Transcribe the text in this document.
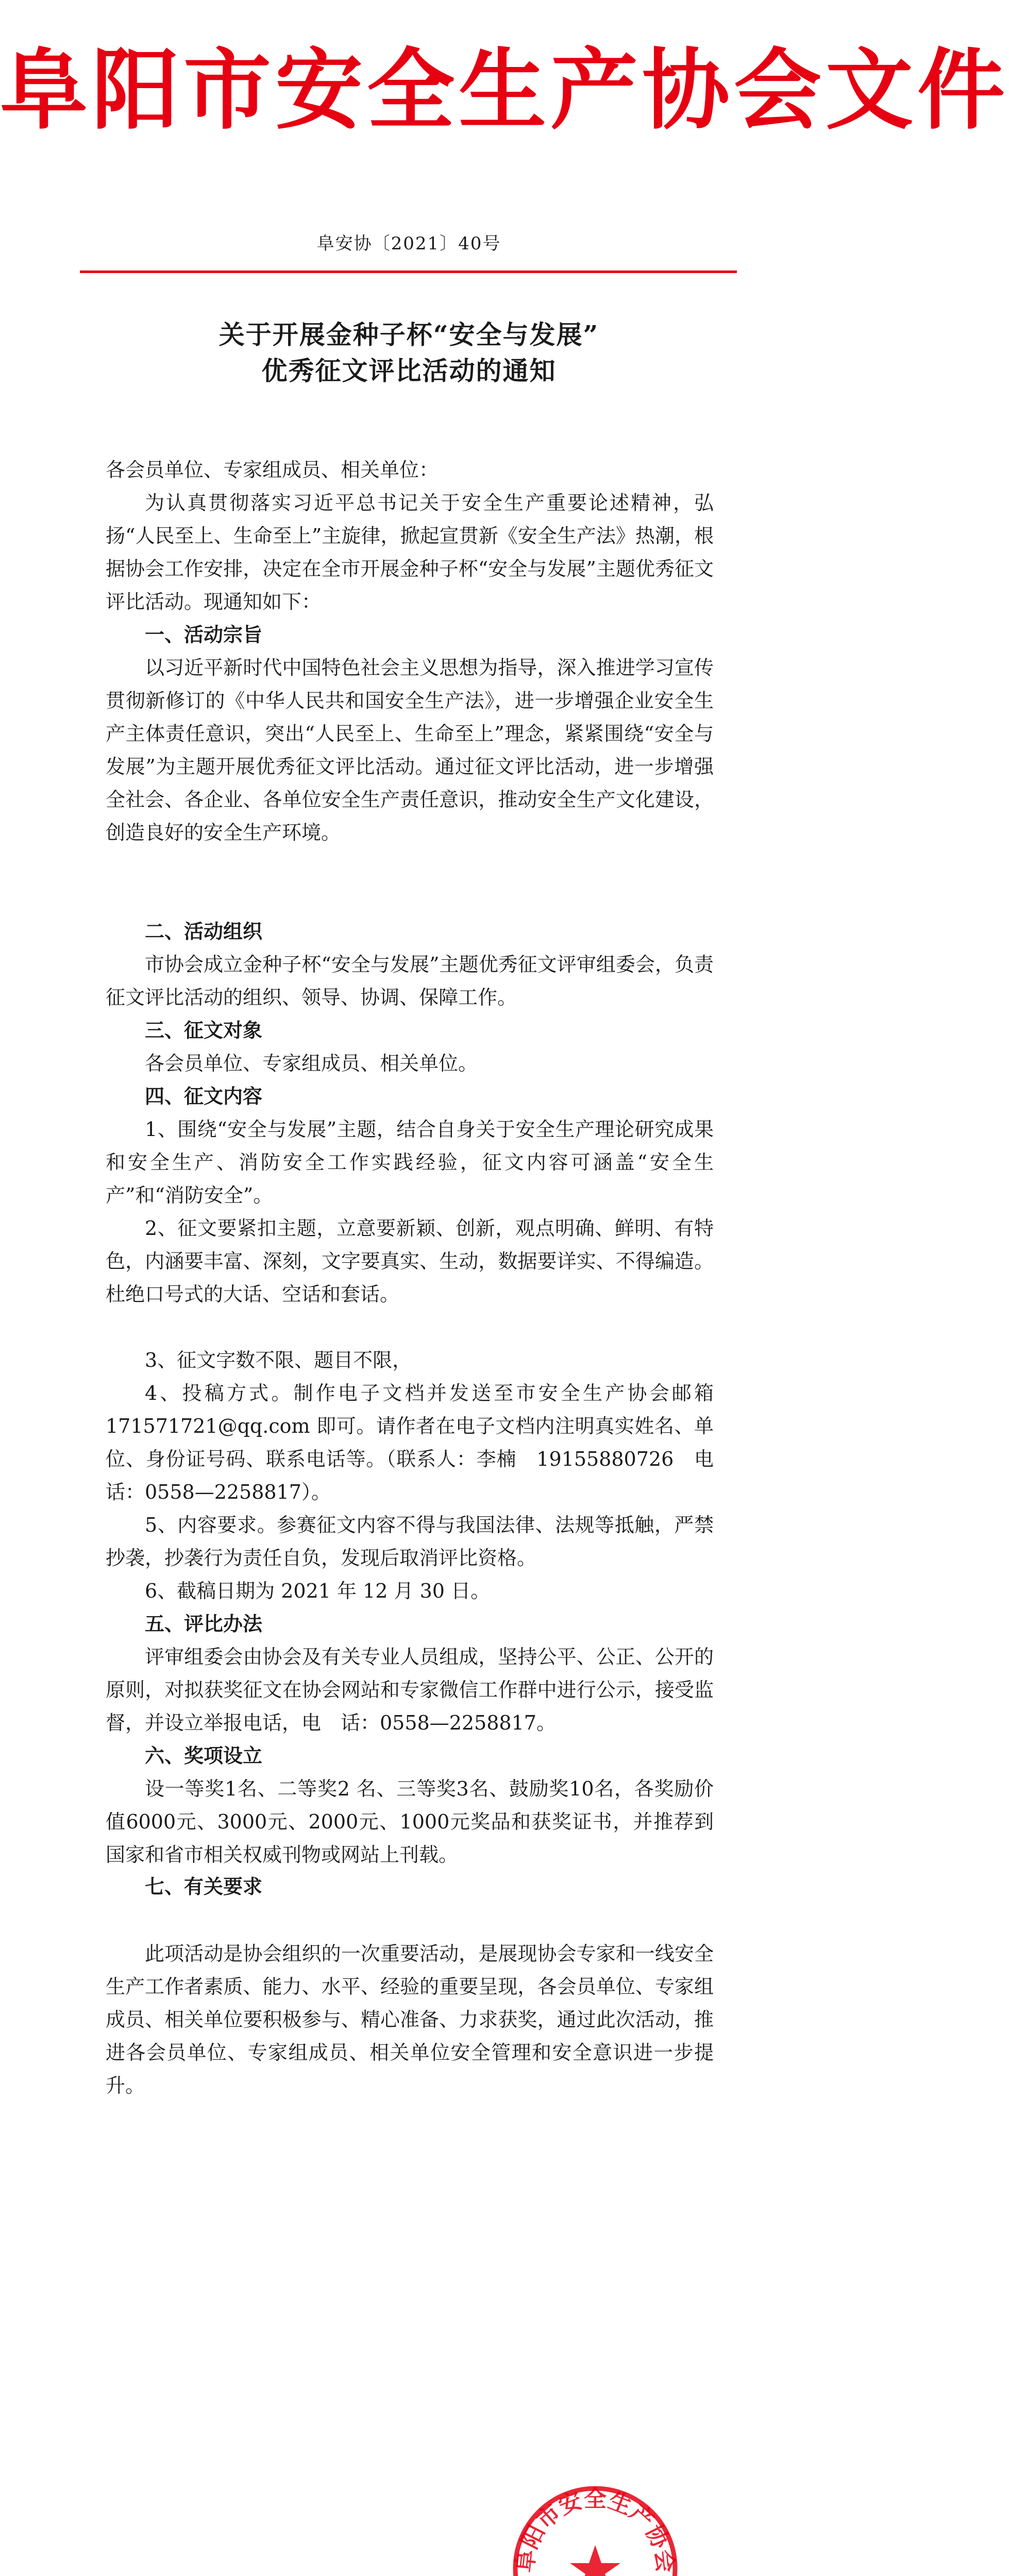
阜阳市安全生产协会文件
阜安协〔2021〕40号
关于开展金种子杯“安全与发展”
优秀征文评比活动的通知
各会员单位、专家组成员、相关单位：
为认真贯彻落实习近平总书记关于安全生产重要论述精神，弘扬“人民至上、生命至上”主旋律，掀起宣贯新《安全生产法》热潮，根据协会工作安排，决定在全市开展金种子杯“安全与发展”主题优秀征文评比活动。现通知如下：
一、活动宗旨
以习近平新时代中国特色社会主义思想为指导，深入推进学习宣传贯彻新修订的《中华人民共和国安全生产法》，进一步增强企业安全生产主体责任意识，突出“人民至上、生命至上”理念，紧紧围绕“安全与发展”为主题开展优秀征文评比活动。通过征文评比活动，进一步增强全社会、各企业、各单位安全生产责任意识，推动安全生产文化建设，创造良好的安全生产环境。
二、活动组织
市协会成立金种子杯“安全与发展”主题优秀征文评审组委会，负责征文评比活动的组织、领导、协调、保障工作。
三、征文对象
各会员单位、专家组成员、相关单位。
四、征文内容
1、围绕“安全与发展”主题，结合自身关于安全生产理论研究成果和安全生产、消防安全工作实践经验，征文内容可涵盖“安全生产”和“消防安全”。
2、征文要紧扣主题，立意要新颖、创新，观点明确、鲜明、有特色，内涵要丰富、深刻，文字要真实、生动，数据要详实、不得编造。杜绝口号式的大话、空话和套话。
3、征文字数不限、题目不限，
4、投稿方式。制作电子文档并发送至市安全生产协会邮箱171571721@qq.com 即可。请作者在电子文档内注明真实姓名、单位、身份证号码、联系电话等。（联系人：李楠　19155880726　电　话：0558—2258817）。
5、内容要求。参赛征文内容不得与我国法律、法规等抵触，严禁抄袭，抄袭行为责任自负，发现后取消评比资格。
6、截稿日期为 2021 年 12 月 30 日。
五、评比办法
评审组委会由协会及有关专业人员组成，坚持公平、公正、公开的原则，对拟获奖征文在协会网站和专家微信工作群中进行公示，接受监督，并设立举报电话，电　话：0558—2258817。
六、奖项设立
设一等奖1名、二等奖2 名、三等奖3名、鼓励奖10名，各奖励价值6000元、3000元、2000元、1000元奖品和获奖证书，并推荐到国家和省市相关权威刊物或网站上刊载。
七、有关要求
此项活动是协会组织的一次重要活动，是展现协会专家和一线安全生产工作者素质、能力、水平、经验的重要呈现，各会员单位、专家组成员、相关单位要积极参与、精心准备、力求获奖，通过此次活动，推进各会员单位、专家组成员、相关单位安全管理和安全意识进一步提升。
阜阳市安全生产协会
